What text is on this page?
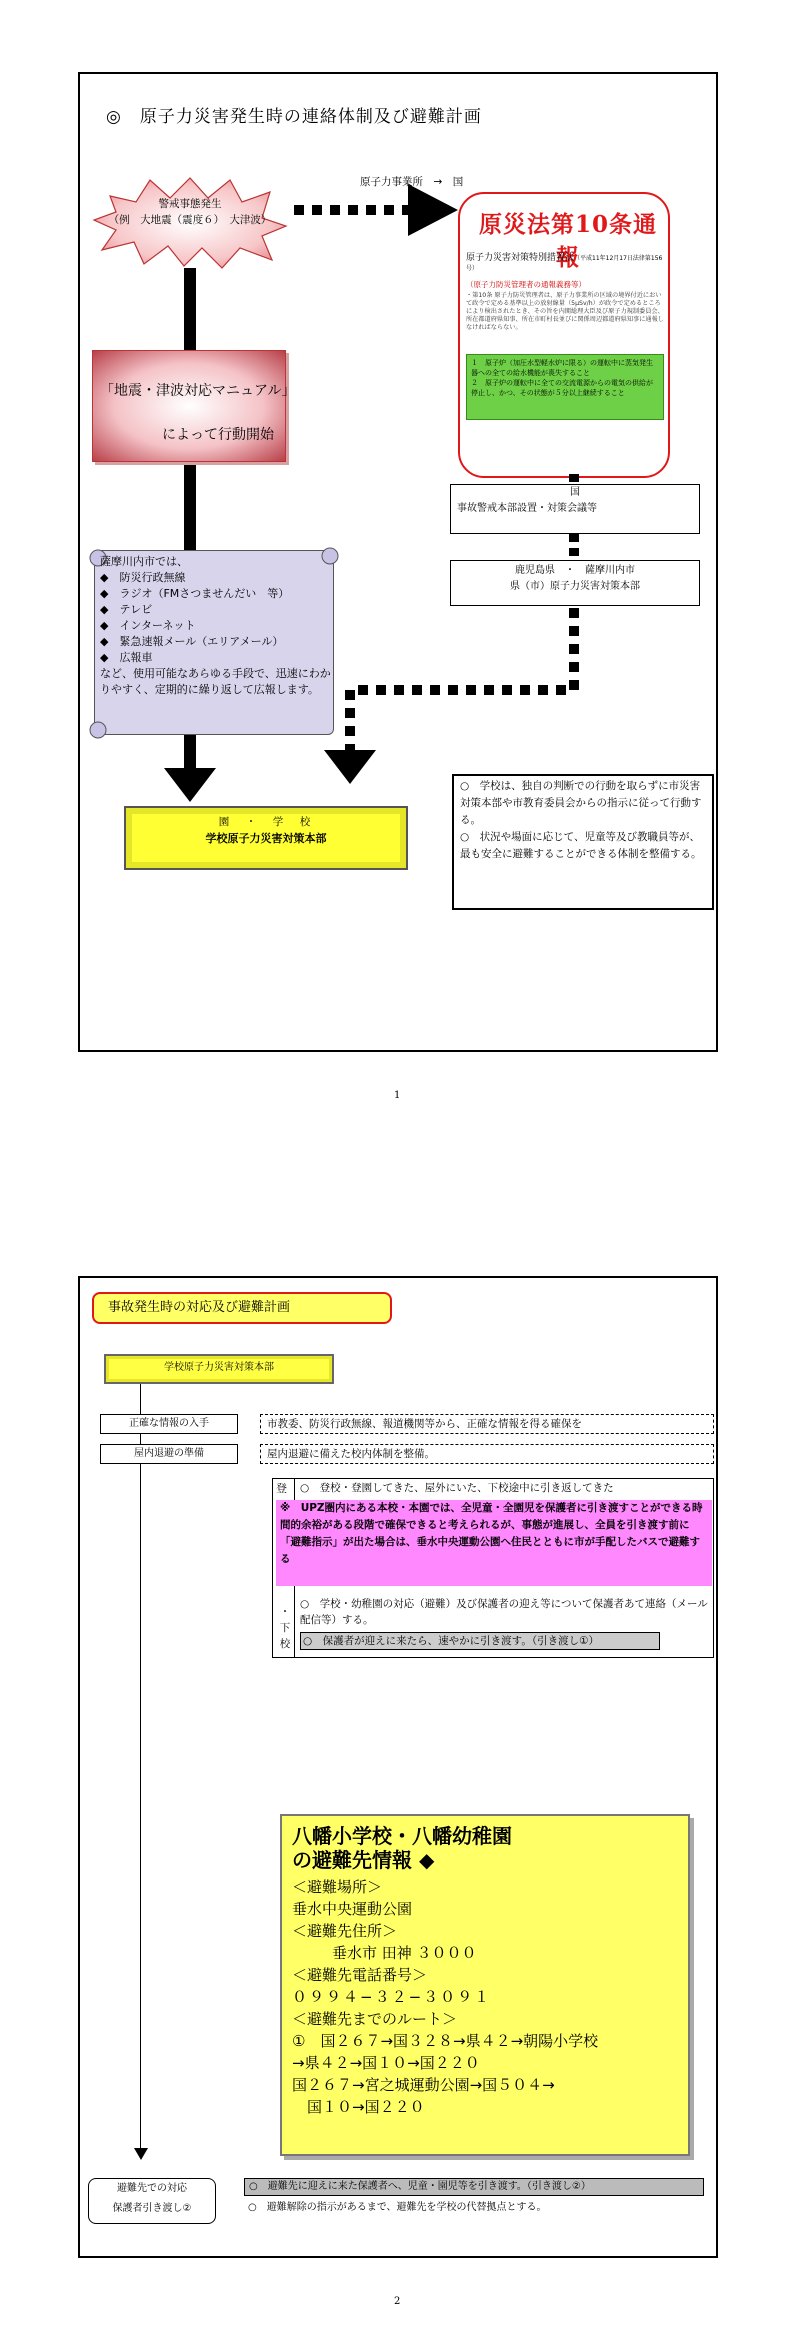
◎　原子力災害発生時の連絡体制及び避難計画
警戒事態発生
（例　大地震（震度６）　大津波）
原子力事業所　→　国
「地震・津波対応マニュアル」
によって行動開始
原災法第10条通報
原子力災害対策特別措置法（平成11年12月17日法律第156号）
（原子力防災管理者の通報義務等）
・第10条 原子力防災管理者は、原子力事業所の区域の境界付近において政令で定める基準以上の放射線量（5μSv/h）が政令で定めるところにより検出されたとき、その旨を内閣総理大臣及び原子力規制委員会、所在都道府県知事、所在市町村長並びに関係周辺都道府県知事に通報しなければならない。
１　原子炉（加圧水型軽水炉に限る）の運転中に蒸気発生器への全ての給水機能が喪失すること
２　原子炉の運転中に全ての交流電源からの電気の供給が停止し、かつ、その状態が５分以上継続すること
国
事故警戒本部設置・対策会議等
鹿児島県　・　薩摩川内市
県（市）原子力災害対策本部
薩摩川内市では、
◆　防災行政無線
◆　ラジオ（FMさつませんだい　等）
◆　テレビ
◆　インターネット
◆　緊急速報メール（エリアメール）
◆　広報車
など、使用可能なあらゆる手段で、迅速にわかりやすく、定期的に繰り返して広報します。
園　・　学　校
学校原子力災害対策本部
○　学校は、独自の判断での行動を取らずに市災害対策本部や市教育委員会からの指示に従って行動する。
○　状況や場面に応じて、児童等及び教職員等が、最も安全に避難することができる体制を整備する。
1
事故発生時の対応及び避難計画
学校原子力災害対策本部
正確な情報の入手	市教委、防災行政無線、報道機関等から、正確な情報を得る確保を
屋内退避の準備	屋内退避に備えた校内体制を整備。
登 ○　登校・登園してきた、屋外にいた、下校途中に引き返してきた
※　UPZ圏内にある本校・本園では、全児童・全園児を保護者に引き渡すことができる時間的余裕がある段階で確保できると考えられるが、事態が進展し、全員を引き渡す前に「避難指示」が出た場合は、垂水中央運動公園へ住民とともに市が手配したバスで避難する
・
下
校
○　学校・幼稚園の対応（避難）及び保護者の迎え等について保護者あて連絡（メール配信等）する。
○　保護者が迎えに来たら、速やかに引き渡す。（引き渡し①）
八幡小学校・八幡幼稚園
の避難先情報 ◆
＜避難場所＞
垂水中央運動公園
＜避難先住所＞
垂水市 田神 ３０００
＜避難先電話番号＞
０９９４−３２−３０９１
＜避難先までのルート＞
①　国２６７→国３２８→県４２→朝陽小学校
→県４２→国１０→国２２０
国２６７→宮之城運動公園→国５０４→
　国１０→国２２０
避難先での対応
保護者引き渡し②
○　避難先に迎えに来た保護者へ、児童・園児等を引き渡す。（引き渡し②）
○　避難解除の指示があるまで、避難先を学校の代替拠点とする。
2
